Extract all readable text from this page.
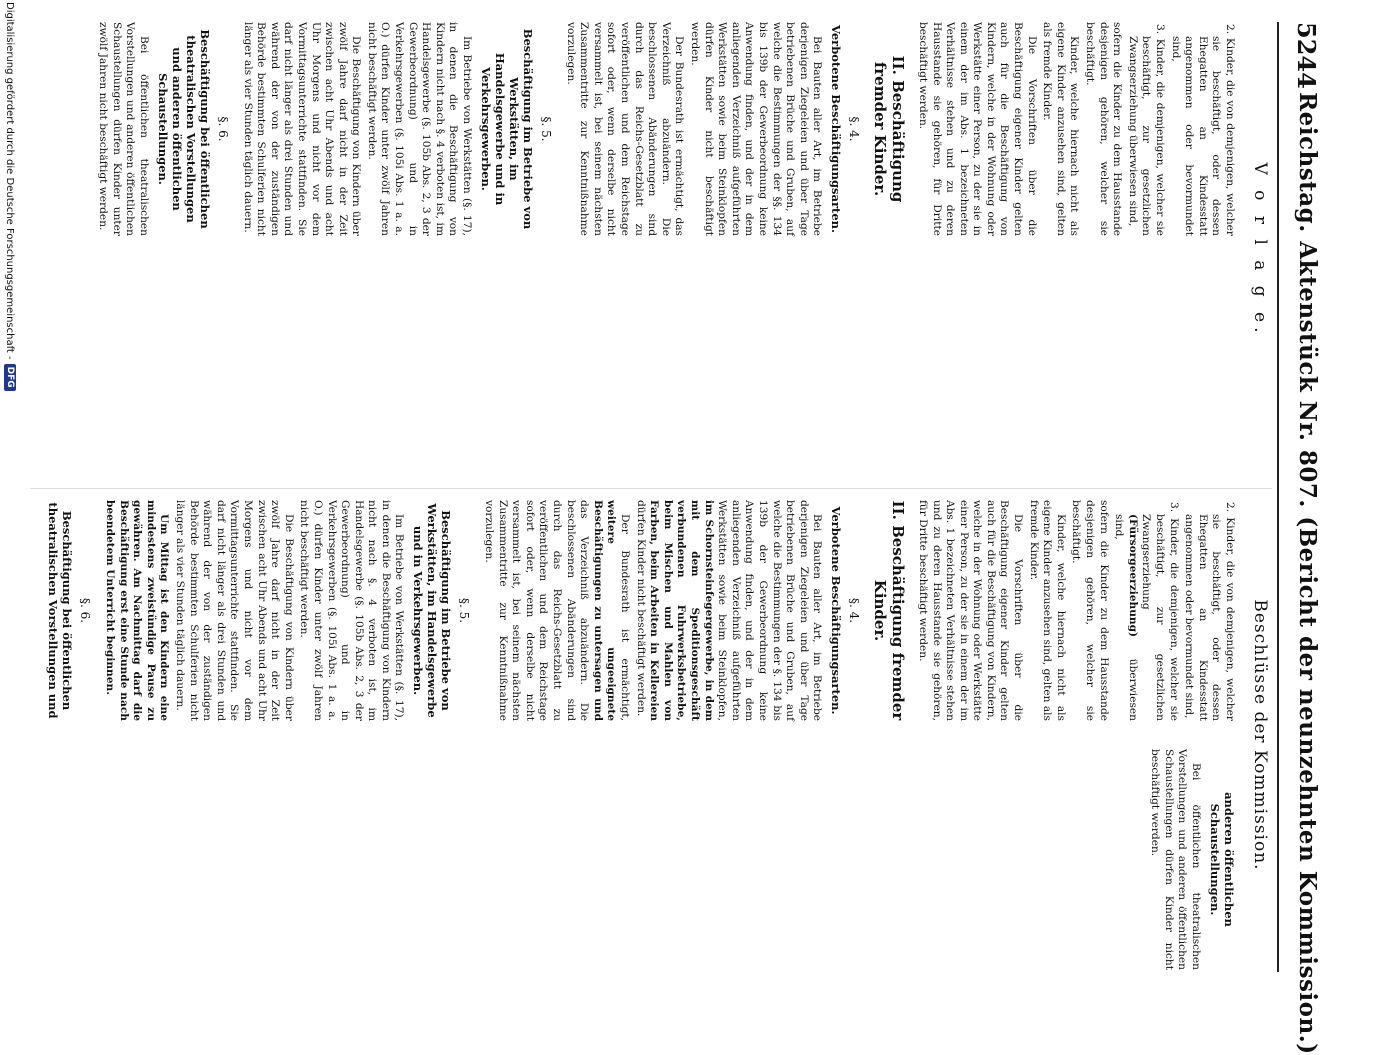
5244
Reichstag. Aktenstück Nr. 807. (Bericht der neunzehnten Kommission.)
V o r l a g e.

2. Kinder, die von demjenigen, welcher sie beschäftigt, oder dessen Ehegatten an Kindesstatt angenommen oder bevormundet sind,

3. Kinder, die demjenigen, welcher sie beschäftigt, zur gesetzlichen Zwangserziehung überwiesen sind,

sofern die Kinder zu dem Hausstande desjenigen gehören, welcher sie beschäftigt.

Kinder, welche hiernach nicht als eigene Kinder anzusehen sind, gelten als fremde Kinder.

Die Vorschriften über die Beschäftigung eigener Kinder gelten auch für die Beschäftigung von Kindern, welche in der Wohnung oder Werkstätte einer Person, zu der sie in einem der im Abs. 1 bezeichneten Verhältnisse stehen und zu deren Hausstande sie gehören, für Dritte beschäftigt werden.

II. Beschäftigung fremder Kinder.
§. 4.
Verbotene Beschäftigungsarten.

Bei Bauten aller Art, im Betriebe derjenigen Ziegeleien und über Tage betriebenen Brüche und Gruben, auf welche die Bestimmungen der §§. 134 bis 139b der Gewerbeordnung keine Anwendung finden, und der in dem anliegenden Verzeichniß aufgeführten Werkstätten sowie beim Steinklopfen dürfen Kinder nicht beschäftigt werden.

Der Bundesrath ist ermächtigt, das Verzeichniß abzuändern. Die beschlossenen Abänderungen sind durch das Reichs-Gesetzblatt zu veröffentlichen und dem Reichstage sofort oder, wenn derselbe nicht versammelt ist, bei seinem nächsten Zusammentritte zur Kenntnißnahme vorzulegen.

§. 5.
Beschäftigung im Betriebe von Werkstätten, im Handelsgewerbe und in Verkehrsgewerben.

Im Betriebe von Werkstätten (§. 17), in denen die Beschäftigung von Kindern nicht nach §. 4 verboten ist, im Handelsgewerbe (§. 105b Abs. 2, 3 der Gewerbeordnung) und in Verkehrsgewerben (§. 105i Abs. 1 a. a. O.) dürfen Kinder unter zwölf Jahren nicht beschäftigt werden.

Die Beschäftigung von Kindern über zwölf Jahre darf nicht in der Zeit zwischen acht Uhr Abends und acht Uhr Morgens und nicht vor dem Vormittagsunterrichte stattfinden. Sie darf nicht länger als drei Stunden und während der von der zuständigen Behörde bestimmten Schulferien nicht länger als vier Stunden täglich dauern.

§. 6.
Beschäftigung bei öffentlichen theatralischen Vorstellungen und anderen öffentlichen Schaustellungen.

Bei öffentlichen theatralischen Vorstellungen und anderen öffentlichen Schaustellungen dürfen Kinder unter zwölf Jahren nicht beschäftigt werden.

Beschlüsse der Kommission.

2. Kinder, die von demjenigen, welcher sie beschäftigt, oder dessen Ehegatten an Kindesstatt angenommen oder bevormundet sind,

3. Kinder, die demjenigen, welcher sie beschäftigt, zur gesetzlichen Zwangserziehung (Fürsorgeerziehung) überwiesen sind,

sofern die Kinder zu dem Hausstande desjenigen gehören, welcher sie beschäftigt.

Kinder, welche hiernach nicht als eigene Kinder anzusehen sind, gelten als fremde Kinder.

Die Vorschriften über die Beschäftigung eigener Kinder gelten auch für die Beschäftigung von Kindern, welche in der Wohnung oder Werkstätte einer Person, zu der sie in einem der im Abs. 1 bezeichneten Verhältnisse stehen und zu deren Hausstande sie gehören, für Dritte beschäftigt werden.

II. Beschäftigung fremder Kinder.
§. 4.
Verbotene Beschäftigungsarten.

Bei Bauten aller Art, im Betriebe derjenigen Ziegeleien und über Tage betriebenen Brüche und Gruben, auf welche die Bestimmungen der §. 134 bis 139b der Gewerbeordnung keine Anwendung finden, und der in dem anliegenden Verzeichniß aufgeführten Werkstätten sowie beim Steinklopfen, im Schornsteinfegergewerbe, in dem mit dem Speditionsgeschäft verbundenen Fuhrwerksbetriebe, beim Mischen und Mahlen von Farben, beim Arbeiten in Kellereien dürfen Kinder nicht beschäftigt werden.

Der Bundesrath ist ermächtigt, weitere ungeeignete Beschäftigungen zu untersagen und das Verzeichniß abzuändern. Die beschlossenen Abänderungen sind durch das Reichs-Gesetzblatt zu veröffentlichen und dem Reichstage sofort oder, wenn derselbe nicht versammelt ist, bei seinem nächsten Zusammentritte zur Kenntnißnahme vorzulegen.

§. 5.
Beschäftigung im Betriebe von Werkstätten, im Handelsgewerbe und in Verkehrsgewerben.

Im Betriebe von Werkstätten (§. 17), in denen die Beschäftigung von Kindern nicht nach §. 4 verboten ist, im Handelsgewerbe (§. 105b Abs. 2, 3 der Gewerbeordnung) und in Verkehrsgewerben (§. 105i Abs. 1 a. a. O.) dürfen Kinder unter zwölf Jahren nicht beschäftigt werden.

Die Beschäftigung von Kindern über zwölf Jahre darf nicht in der Zeit zwischen acht Uhr Abends und acht Uhr Morgens und nicht vor dem Vormittagsunterrichte stattfinden. Sie darf nicht länger als drei Stunden und während der von der zuständigen Behörde bestimmten Schulferien nicht länger als vier Stunden täglich dauern.

Um Mittag ist den Kindern eine mindestens zweistündige Pause zu gewähren. Am Nachmittag darf die Beschäftigung erst eine Stunde nach beendetem Unterricht beginnen.

§. 6.
Beschäftigung bei öffentlichen theatralischen Vorstellungen und anderen öffentlichen Schaustellungen.

Bei öffentlichen theatralischen Vorstellungen und anderen öffentlichen Schaustellungen dürfen Kinder nicht beschäftigt werden.

Digitalisierung gefördert durch die Deutsche Forschungsgemeinschaft -
DFG
